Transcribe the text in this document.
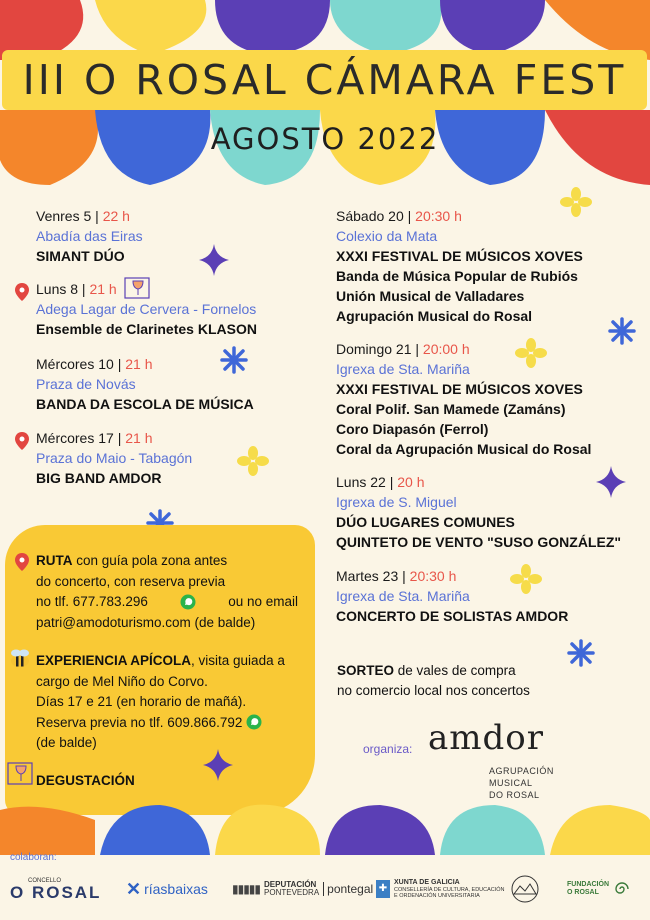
III O ROSAL CÁMARA FEST
AGOSTO 2022
Venres 5 | 22 h
Abadía das Eiras
SIMANT DÚO
Luns 8 | 21 h
Adega Lagar de Cervera - Fornelos
Ensemble de Clarinetes KLASON
Mércores 10 | 21 h
Praza de Novás
BANDA DA ESCOLA DE MÚSICA
Mércores 17 | 21 h
Praza do Maio - Tabagón
BIG BAND AMDOR
Sábado 20 | 20:30 h
Colexio da Mata
XXXI FESTIVAL DE MÚSICOS XOVES
Banda de Música Popular de Rubiós
Unión Musical de Valladares
Agrupación Musical do Rosal
Domingo 21 | 20:00 h
Igrexa de Sta. Mariña
XXXI FESTIVAL DE MÚSICOS XOVES
Coral Polif. San Mamede (Zamáns)
Coro Diapasón (Ferrol)
Coral da Agrupación Musical do Rosal
Luns 22 | 20 h
Igrexa de S. Miguel
DÚO LUGARES COMUNES
QUINTETO DE VENTO "SUSO GONZÁLEZ"
Martes 23 | 20:30 h
Igrexa de Sta. Mariña
CONCERTO DE SOLISTAS AMDOR
RUTA con guía pola zona antes
do concerto, con reserva previa
no tlf. 677.783.296	ou no email
patri@amodoturismo.com (de balde)
EXPERIENCIA APÍCOLA, visita guiada a
cargo de Mel Niño do Corvo.
Días 17 e 21 (en horario de mañá).
Reserva previa no tlf. 609.866.792
(de balde)
DEGUSTACIÓN
SORTEO de vales de compra
no comercio local nos concertos
organiza: amdor
AGRUPACIÓN
MUSICAL
DO ROSAL
colaboran:
CONCELLO
O ROSAL ✕ ríasbaixas ▮▮▮▮▮ DEPUTACIÓN
PONTEVEDRA pontegal ✚
XUNTA DE GALICIA
CONSELLERÍA DE CULTURA, EDUCACIÓN
E ORDENACIÓN UNIVERSITARIA
FUNDACIÓN O ROSAL
